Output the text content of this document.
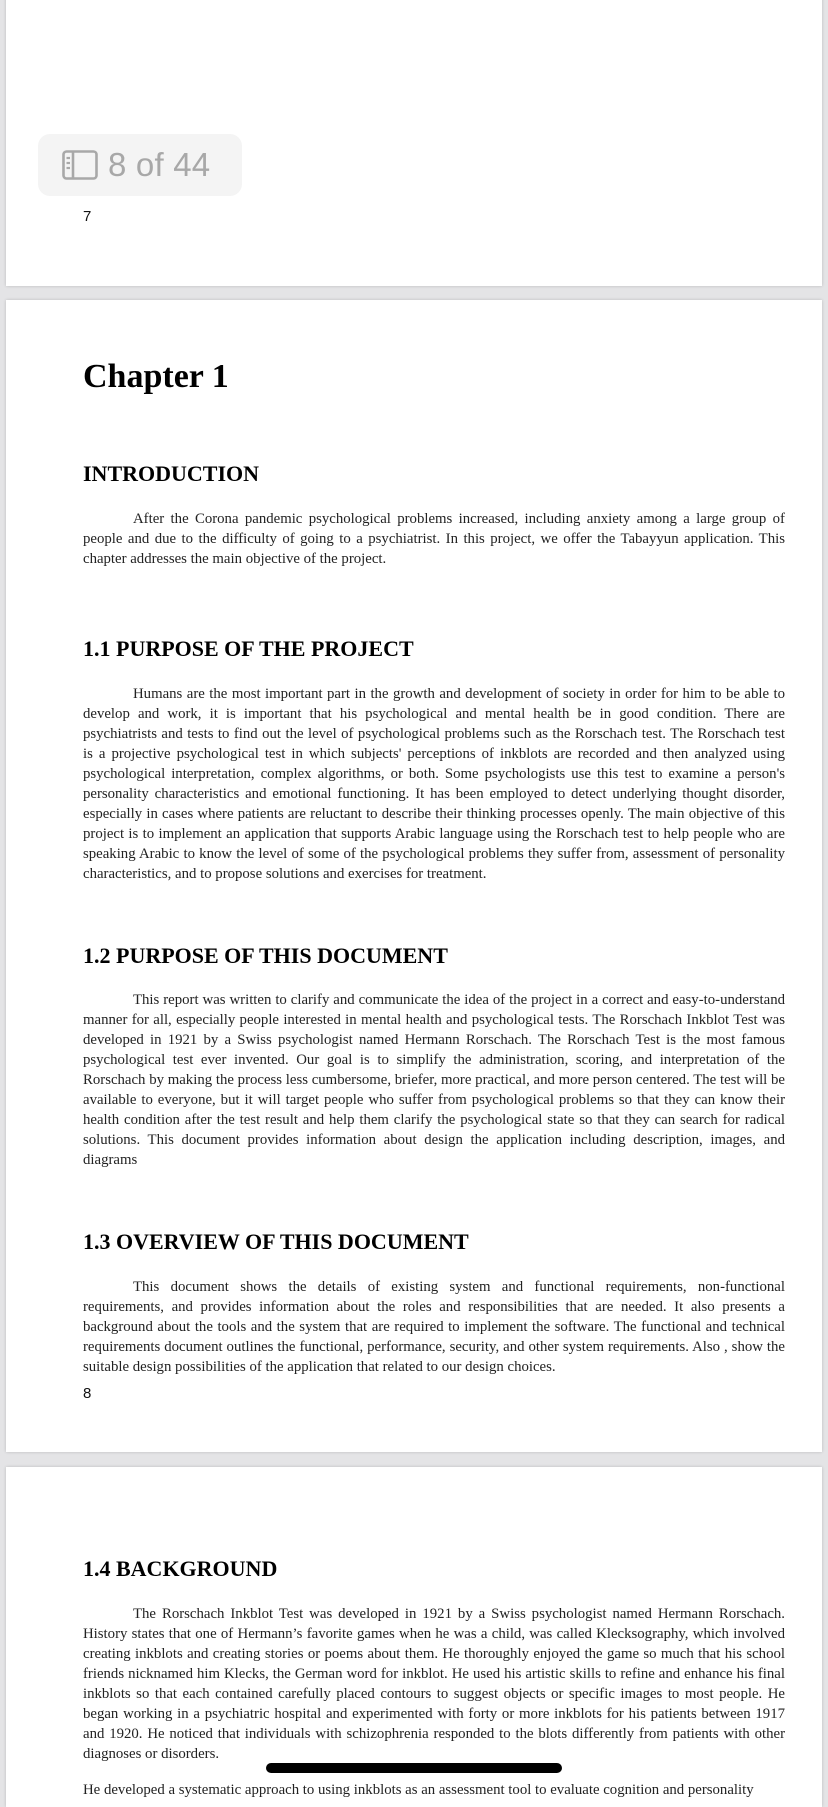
7
8 of 44
Chapter 1
INTRODUCTION

After the Corona pandemic psychological problems increased, including anxiety among a large group of people and due to the difficulty of going to a psychiatrist. In this project, we offer the Tabayyun application. This chapter addresses the main objective of the project.

1.1 PURPOSE OF THE PROJECT

Humans are the most important part in the growth and development of society in order for him to be able to develop and work, it is important that his psychological and mental health be in good condition. There are psychiatrists and tests to find out the level of psychological problems such as the Rorschach test. The Rorschach test is a projective psychological test in which subjects' perceptions of inkblots are recorded and then analyzed using psychological interpretation, complex algorithms, or both. Some psychologists use this test to examine a person's personality characteristics and emotional functioning. It has been employed to detect underlying thought disorder, especially in cases where patients are reluctant to describe their thinking processes openly. The main objective of this project is to implement an application that supports Arabic language using the Rorschach test to help people who are speaking Arabic to know the level of some of the psychological problems they suffer from, assessment of personality characteristics, and to propose solutions and exercises for treatment.

1.2 PURPOSE OF THIS DOCUMENT

This report was written to clarify and communicate the idea of the project in a correct and easy-to-understand manner for all, especially people interested in mental health and psychological tests. The Rorschach Inkblot Test was developed in 1921 by a Swiss psychologist named Hermann Rorschach. The Rorschach Test is the most famous psychological test ever invented. Our goal is to simplify the administration, scoring, and interpretation of the Rorschach by making the process less cumbersome, briefer, more practical, and more person centered. The test will be available to everyone, but it will target people who suffer from psychological problems so that they can know their health condition after the test result and help them clarify the psychological state so that they can search for radical solutions. This document provides information about design the application including description, images, and diagrams

1.3 OVERVIEW OF THIS DOCUMENT

This document shows the details of existing system and functional requirements, non-functional requirements, and provides information about the roles and responsibilities that are needed. It also presents a background about the tools and the system that are required to implement the software. The functional and technical requirements document outlines the functional, performance, security, and other system requirements. Also , show the suitable design possibilities of the application that related to our design choices.

8
1.4 BACKGROUND

The Rorschach Inkblot Test was developed in 1921 by a Swiss psychologist named Hermann Rorschach. History states that one of Hermann’s favorite games when he was a child, was called Klecksography, which involved creating inkblots and creating stories or poems about them. He thoroughly enjoyed the game so much that his school friends nicknamed him Klecks, the German word for inkblot. He used his artistic skills to refine and enhance his final inkblots so that each contained carefully placed contours to suggest objects or specific images to most people. He began working in a psychiatric hospital and experimented with forty or more inkblots for his patients between 1917 and 1920. He noticed that individuals with schizophrenia responded to the blots differently from patients with other diagnoses or disorders.

He developed a systematic approach to using inkblots as an assessment tool to evaluate cognition and personality
